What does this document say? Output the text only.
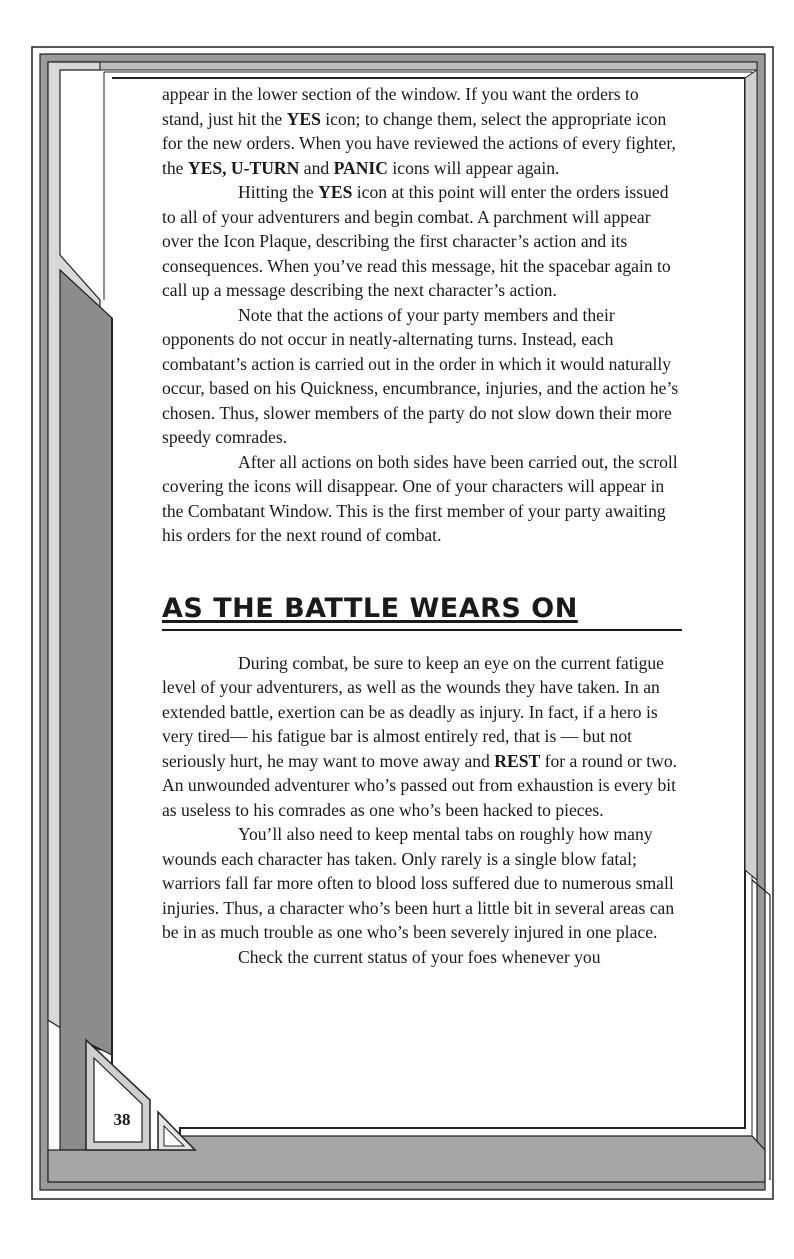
38

appear in the lower section of the window. If you want the orders to stand, just hit the YES icon; to change them, select the appropriate icon for the new orders. When you have reviewed the actions of every fighter, the YES, U-TURN and PANIC icons will appear again.

Hitting the YES icon at this point will enter the orders issued to all of your adventurers and begin combat. A parchment will appear over the Icon Plaque, describing the first character’s action and its consequences. When you’ve read this message, hit the spacebar again to call up a message describing the next character’s action.

Note that the actions of your party members and their opponents do not occur in neatly-alternating turns. Instead, each combatant’s action is carried out in the order in which it would naturally occur, based on his Quickness, encumbrance, injuries, and the action he’s chosen. Thus, slower members of the party do not slow down their more speedy comrades.

After all actions on both sides have been carried out, the scroll covering the icons will disappear. One of your characters will appear in the Combatant Window. This is the first member of your party awaiting his orders for the next round of combat.

AS THE BATTLE WEARS ON

During combat, be sure to keep an eye on the current fatigue level of your adventurers, as well as the wounds they have taken. In an extended battle, exertion can be as deadly as injury. In fact, if a hero is very tired— his fatigue bar is almost entirely red, that is — but not seriously hurt, he may want to move away and REST for a round or two. An unwounded adventurer who’s passed out from exhaustion is every bit as useless to his comrades as one who’s been hacked to pieces.

You’ll also need to keep mental tabs on roughly how many wounds each character has taken. Only rarely is a single blow fatal; warriors fall far more often to blood loss suffered due to numerous small injuries. Thus, a character who’s been hurt a little bit in several areas can be in as much trouble as one who’s been severely injured in one place.

Check the current status of your foes whenever you
